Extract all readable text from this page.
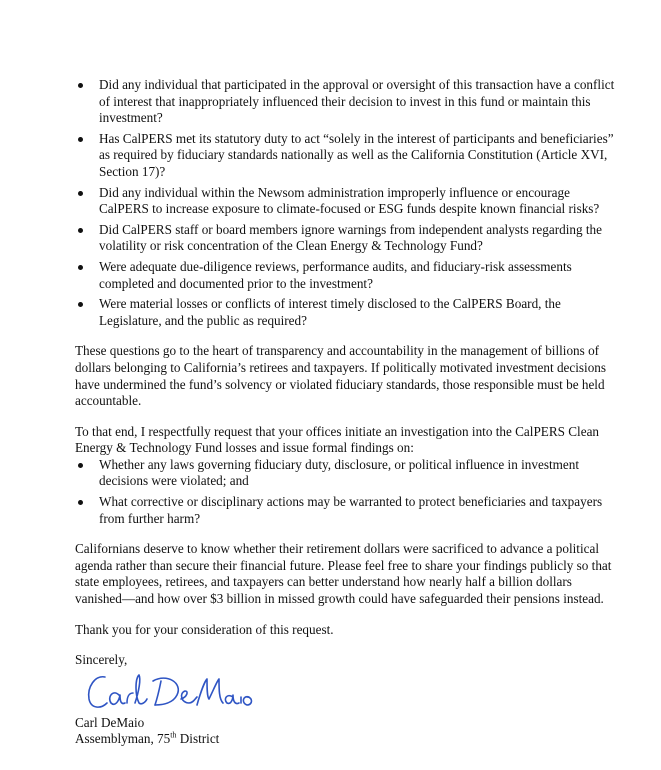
Did any individual that participated in the approval or oversight of this transaction have a conflict of interest that inappropriately influenced their decision to invest in this fund or maintain this investment?
Has CalPERS met its statutory duty to act “solely in the interest of participants and beneficiaries” as required by fiduciary standards nationally as well as the California Constitution (Article XVI, Section 17)?
Did any individual within the Newsom administration improperly influence or encourage CalPERS to increase exposure to climate-focused or ESG funds despite known financial risks?
Did CalPERS staff or board members ignore warnings from independent analysts regarding the volatility or risk concentration of the Clean Energy & Technology Fund?
Were adequate due-diligence reviews, performance audits, and fiduciary-risk assessments completed and documented prior to the investment?
Were material losses or conflicts of interest timely disclosed to the CalPERS Board, the Legislature, and the public as required?

These questions go to the heart of transparency and accountability in the management of billions of dollars belonging to California’s retirees and taxpayers. If politically motivated investment decisions have undermined the fund’s solvency or violated fiduciary standards, those responsible must be held accountable.

To that end, I respectfully request that your offices initiate an investigation into the CalPERS Clean Energy & Technology Fund losses and issue formal findings on:

Whether any laws governing fiduciary duty, disclosure, or political influence in investment decisions were violated; and
What corrective or disciplinary actions may be warranted to protect beneficiaries and taxpayers from further harm?

Californians deserve to know whether their retirement dollars were sacrificed to advance a political agenda rather than secure their financial future. Please feel free to share your findings publicly so that state employees, retirees, and taxpayers can better understand how nearly half a billion dollars vanished—and how over $3 billion in missed growth could have safeguarded their pensions instead.

Thank you for your consideration of this request.

Sincerely,

Carl DeMaio

Assemblyman, 75th District
